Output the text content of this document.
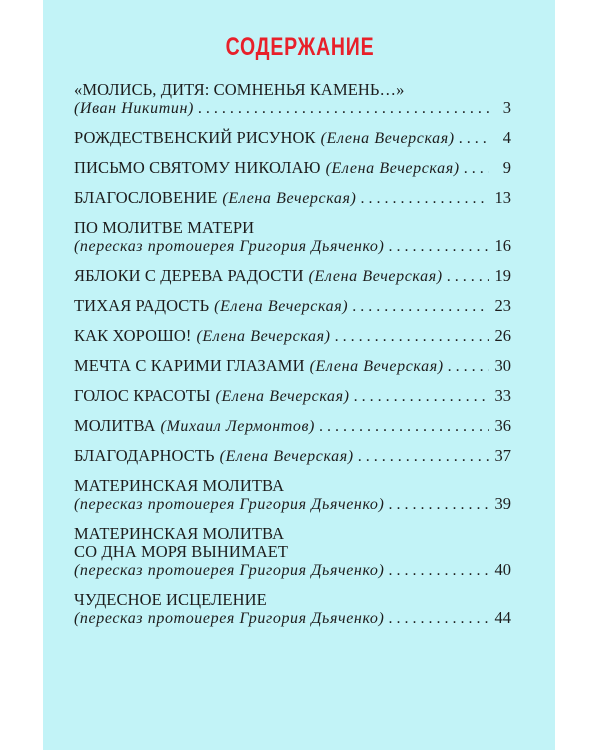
СОДЕРЖАНИЕ
«МОЛИСЬ, ДИТЯ: СОМНЕНЬЯ КАМЕНЬ…»
(Иван Никитин) . . .	3
РОЖДЕСТВЕНСКИЙ РИСУНОК (Елена Вечерская) . . .	4
ПИСЬМО СВЯТОМУ НИКОЛАЮ (Елена Вечерская) . . .	9
БЛАГОСЛОВЕНИЕ (Елена Вечерская) . . .	13
ПО МОЛИТВЕ МАТЕРИ
(пересказ протоиерея Григория Дьяченко) . . .	16
ЯБЛОКИ С ДЕРЕВА РАДОСТИ (Елена Вечерская) . . .	19
ТИХАЯ РАДОСТЬ (Елена Вечерская) . . .	23
КАК ХОРОШО! (Елена Вечерская) . . .	26
МЕЧТА С КАРИМИ ГЛАЗАМИ (Елена Вечерская) . . .	30
ГОЛОС КРАСОТЫ (Елена Вечерская) . . .	33
МОЛИТВА (Михаил Лермонтов) . . .	36
БЛАГОДАРНОСТЬ (Елена Вечерская) . . .	37
МАТЕРИНСКАЯ МОЛИТВА
(пересказ протоиерея Григория Дьяченко) . . .	39
МАТЕРИНСКАЯ МОЛИТВА
СО ДНА МОРЯ ВЫНИМАЕТ
(пересказ протоиерея Григория Дьяченко) . . .	40
ЧУДЕСНОЕ ИСЦЕЛЕНИЕ
(пересказ протоиерея Григория Дьяченко) . . .	44
